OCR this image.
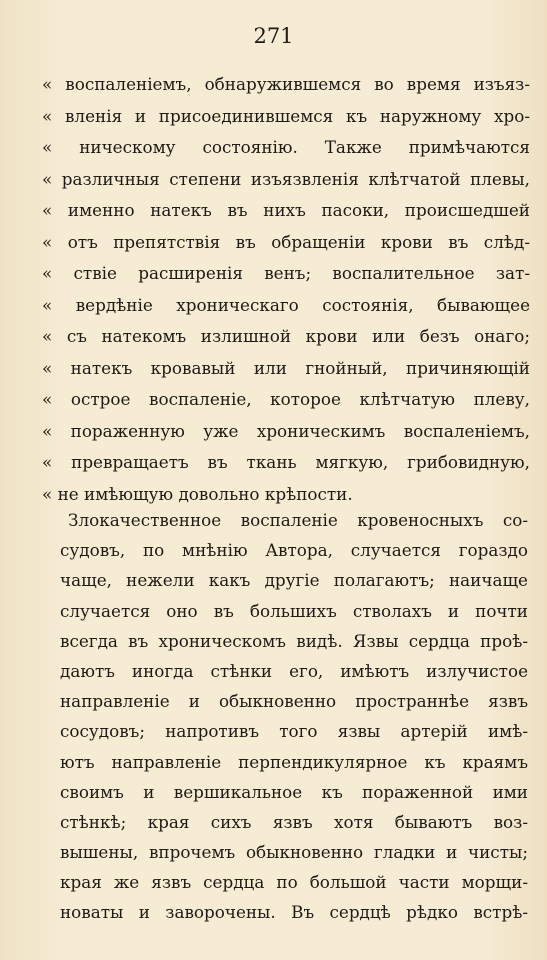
271
« воспаленіемъ, обнаружившемся во время изъяз-
« вленія и присоединившемся къ наружному хро-
« ническому состоянію. Также примѣчаются
« различныя степени изъязвленія клѣтчатой плевы,
« именно натекъ въ нихъ пасоки, происшедшей
« отъ препятствія въ обращеніи крови въ слѣд-
« ствіе расширенія венъ; воспалительное зат-
« вердѣніе хроническаго состоянія, бывающее
« съ натекомъ излишной крови или безъ онаго;
« натекъ кровавый или гнойный, причиняющій
« острое воспаленіе, которое клѣтчатую плеву,
« пораженную уже хроническимъ воспаленіемъ,
« превращаетъ въ ткань мягкую, грибовидную,
« не имѣющую довольно крѣпости.
Злокачественное воспаленіе кровеносныхъ со-
судовъ, по мнѣнію Автора, случается гораздо
чаще, нежели какъ другіе полагаютъ; наичаще
случается оно въ большихъ стволахъ и почти
всегда въ хроническомъ видѣ. Язвы сердца проѣ-
даютъ иногда стѣнки его, имѣютъ излучистое
направленіе и обыкновенно пространнѣе язвъ
сосудовъ; напротивъ того язвы артерій имѣ-
ютъ направленіе перпендикулярное къ краямъ
своимъ и вершикальное къ пораженной ими
стѣнкѣ; края сихъ язвъ хотя бываютъ воз-
вышены, впрочемъ обыкновенно гладки и чисты;
края же язвъ сердца по большой части морщи-
новаты и заворочены. Въ сердцѣ рѣдко встрѣ-
